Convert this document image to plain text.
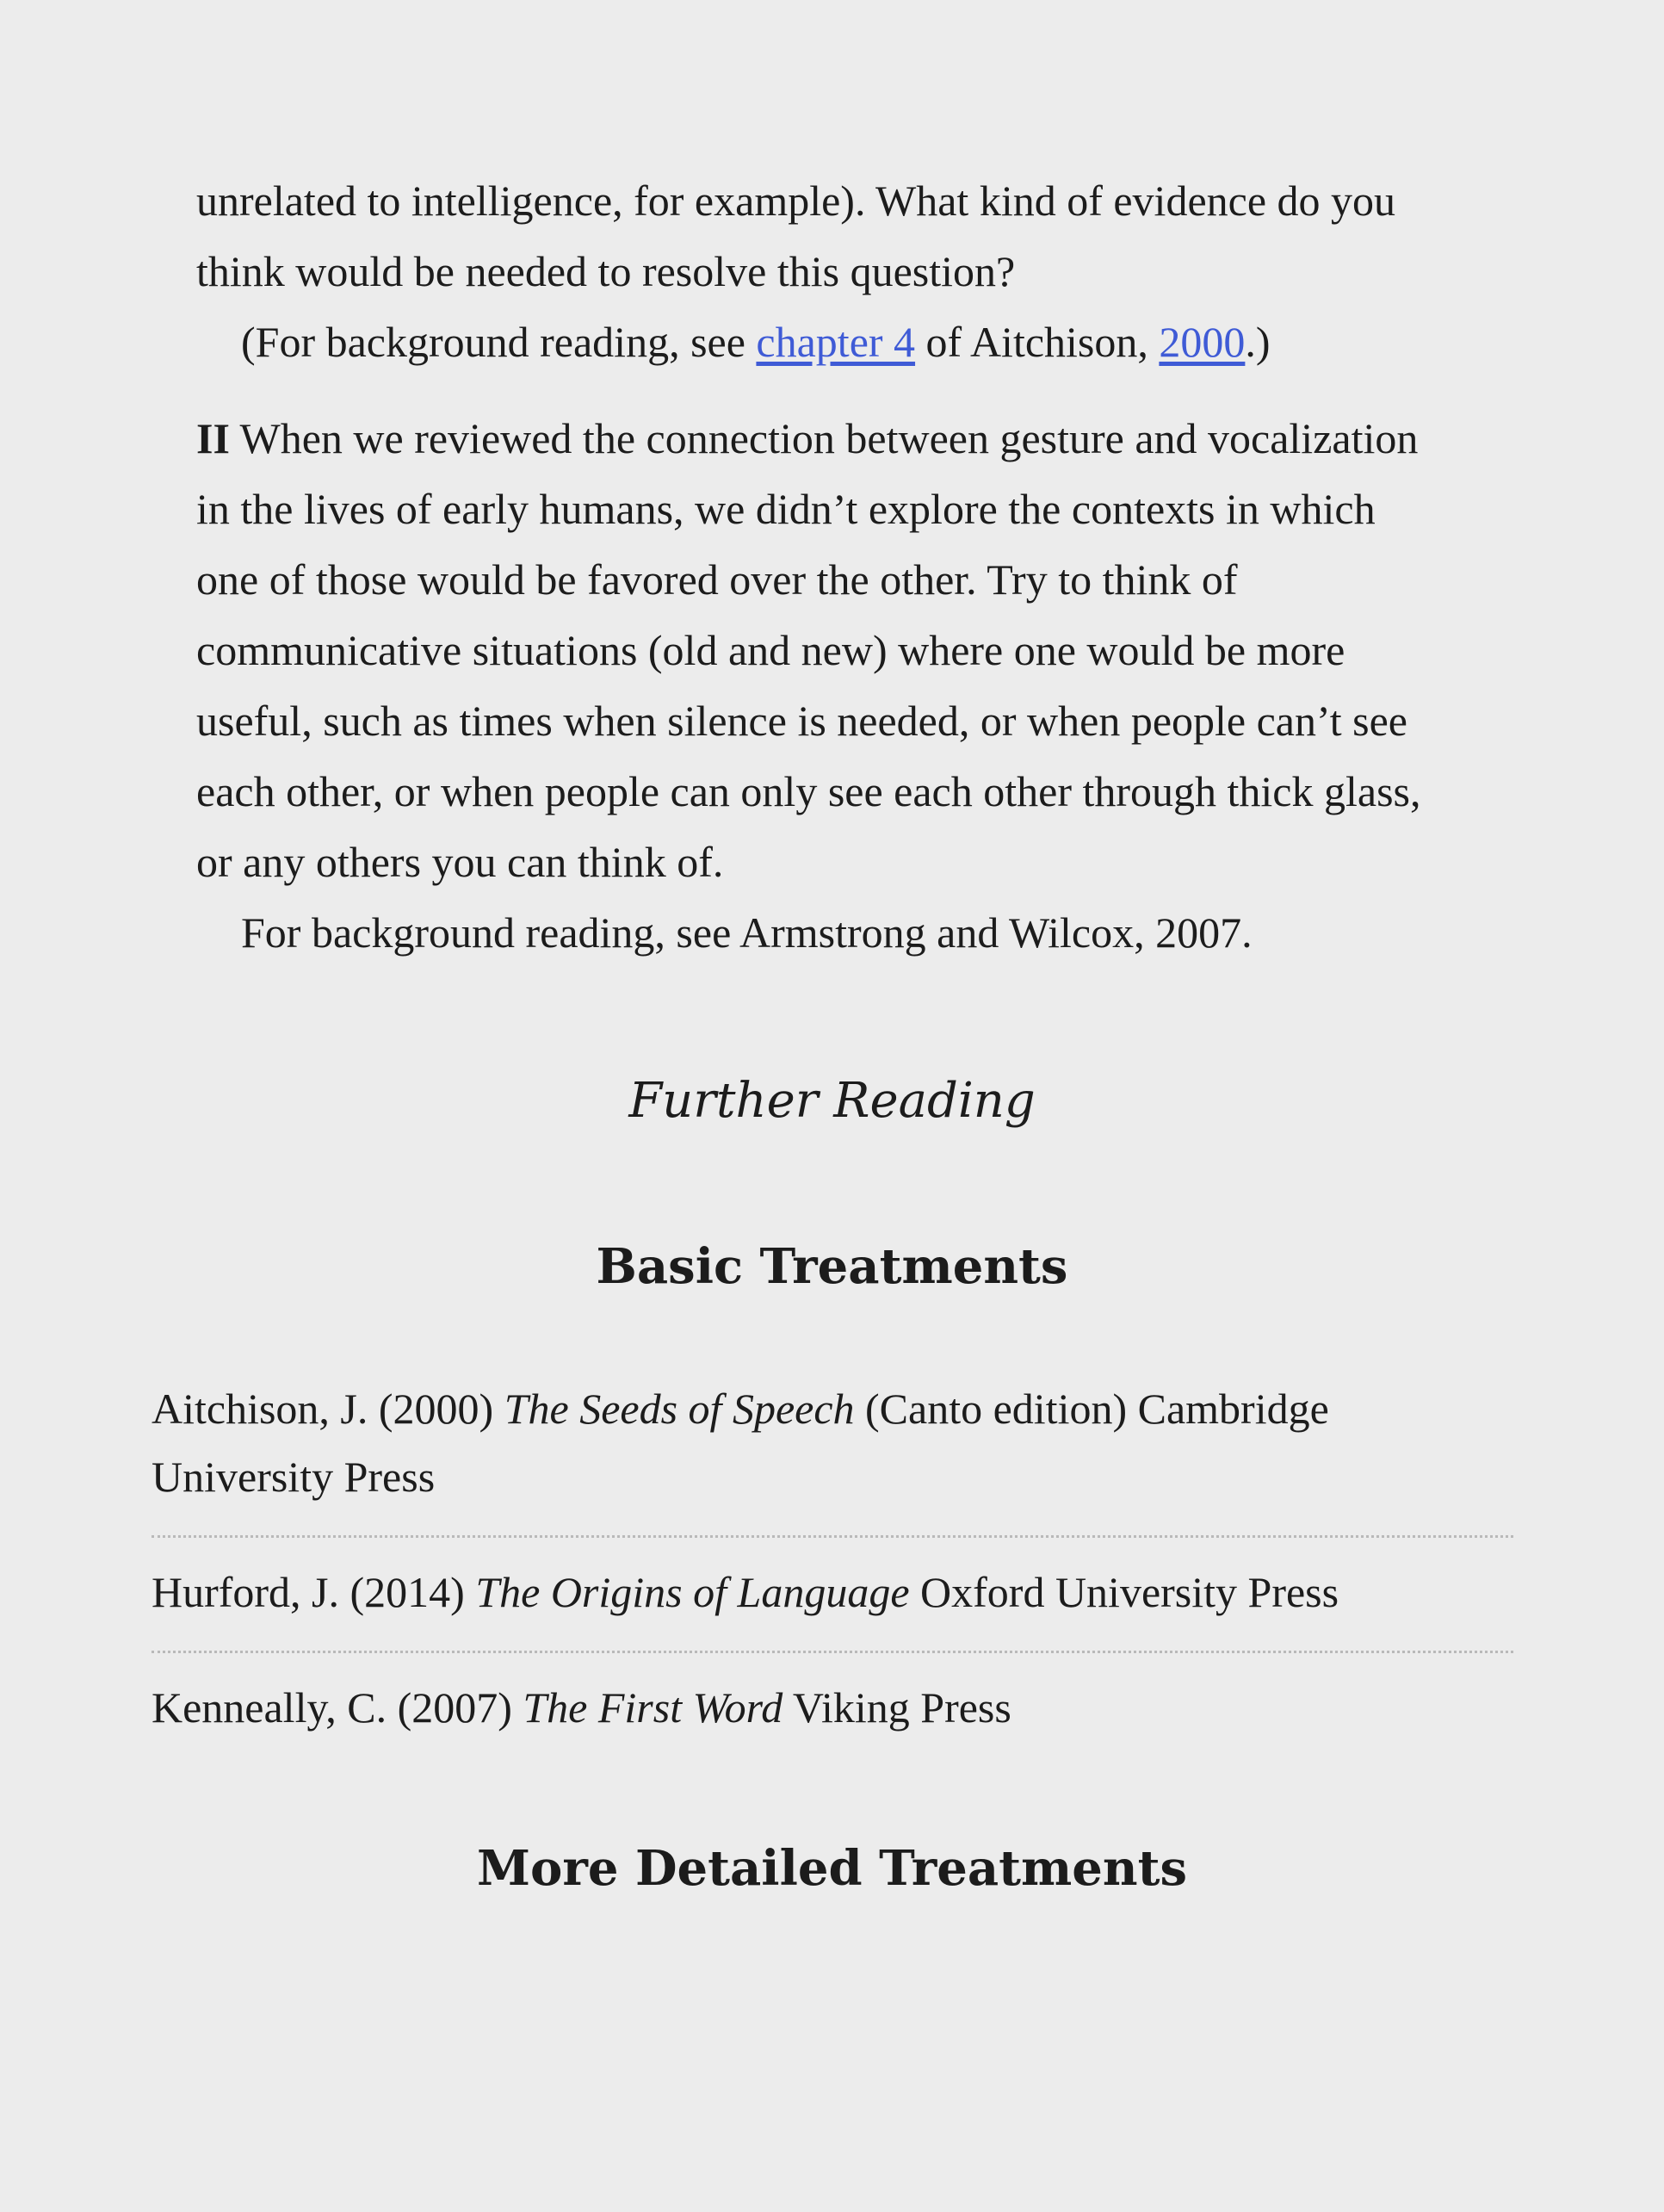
unrelated to intelligence, for example). What kind of evidence do you
think would be needed to resolve this question?
(For background reading, see chapter 4 of Aitchison, 2000.)
II When we reviewed the connection between gesture and vocalization
in the lives of early humans, we didn’t explore the contexts in which
one of those would be favored over the other. Try to think of
communicative situations (old and new) where one would be more
useful, such as times when silence is needed, or when people can’t see
each other, or when people can only see each other through thick glass,
or any others you can think of.
For background reading, see Armstrong and Wilcox, 2007.
Further Reading
Basic Treatments
Aitchison, J. (2000) The Seeds of Speech (Canto edition) Cambridge
University Press
Hurford, J. (2014) The Origins of Language Oxford University Press
Kenneally, C. (2007) The First Word Viking Press
More Detailed Treatments
